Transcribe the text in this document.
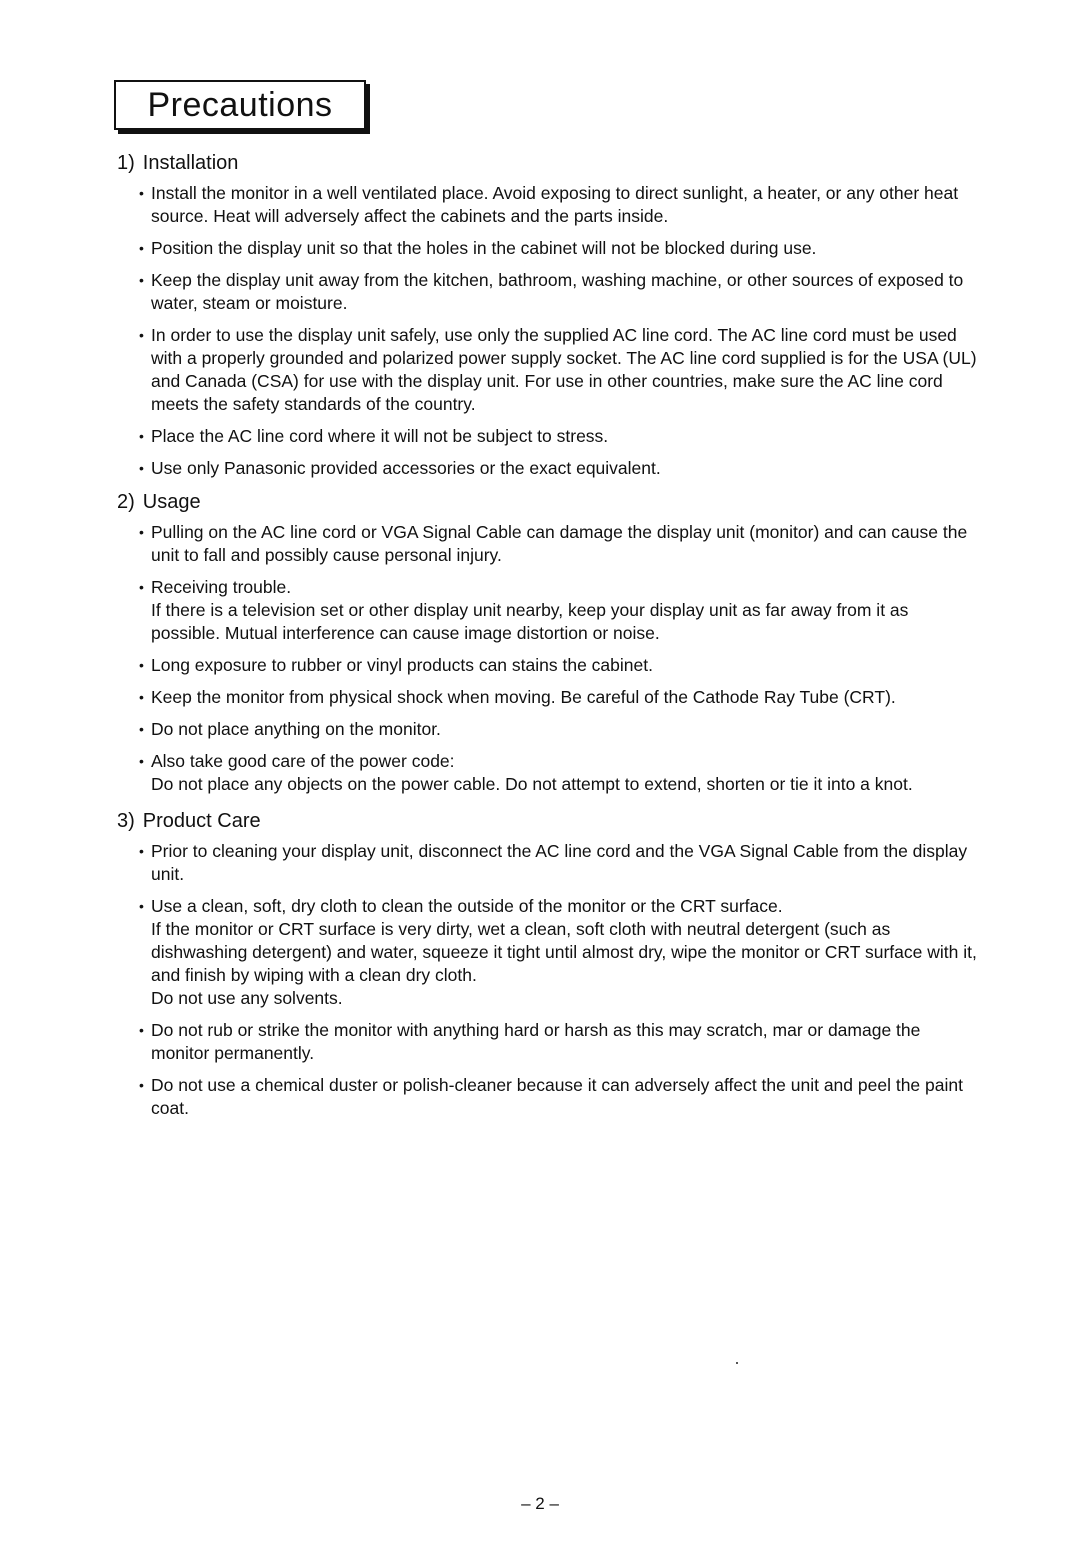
Precautions
1) Installation
• Install the monitor in a well ventilated place. Avoid exposing to direct sunlight, a heater, or any other heat source. Heat will adversely affect the cabinets and the parts inside.

• Position the display unit so that the holes in the cabinet will not be blocked during use.

• Keep the display unit away from the kitchen, bathroom, washing machine, or other sources of exposed to water, steam or moisture.

• In order to use the display unit safely, use only the supplied AC line cord. The AC line cord must be used with a properly grounded and polarized power supply socket. The AC line cord supplied is for the USA (UL) and Canada (CSA) for use with the display unit. For use in other countries, make sure the AC line cord meets the safety standards of the country.

• Place the AC line cord where it will not be subject to stress.

• Use only Panasonic provided accessories or the exact equivalent.

2) Usage
• Pulling on the AC line cord or VGA Signal Cable can damage the display unit (monitor) and can cause the unit to fall and possibly cause personal injury.

• Receiving trouble.

If there is a television set or other display unit nearby, keep your display unit as far away from it as possible. Mutual interference can cause image distortion or noise.

• Long exposure to rubber or vinyl products can stains the cabinet.

• Keep the monitor from physical shock when moving. Be careful of the Cathode Ray Tube (CRT).

• Do not place anything on the monitor.

• Also take good care of the power code:

Do not place any objects on the power cable. Do not attempt to extend, shorten or tie it into a knot.

3) Product Care
• Prior to cleaning your display unit, disconnect the AC line cord and the VGA Signal Cable from the display unit.

• Use a clean, soft, dry cloth to clean the outside of the monitor or the CRT surface.

If the monitor or CRT surface is very dirty, wet a clean, soft cloth with neutral detergent (such as dishwashing detergent) and water, squeeze it tight until almost dry, wipe the monitor or CRT surface with it, and finish by wiping with a clean dry cloth.

Do not use any solvents.

• Do not rub or strike the monitor with anything hard or harsh as this may scratch, mar or damage the monitor permanently.

• Do not use a chemical duster or polish-cleaner because it can adversely affect the unit and peel the paint coat.

– 2 –
